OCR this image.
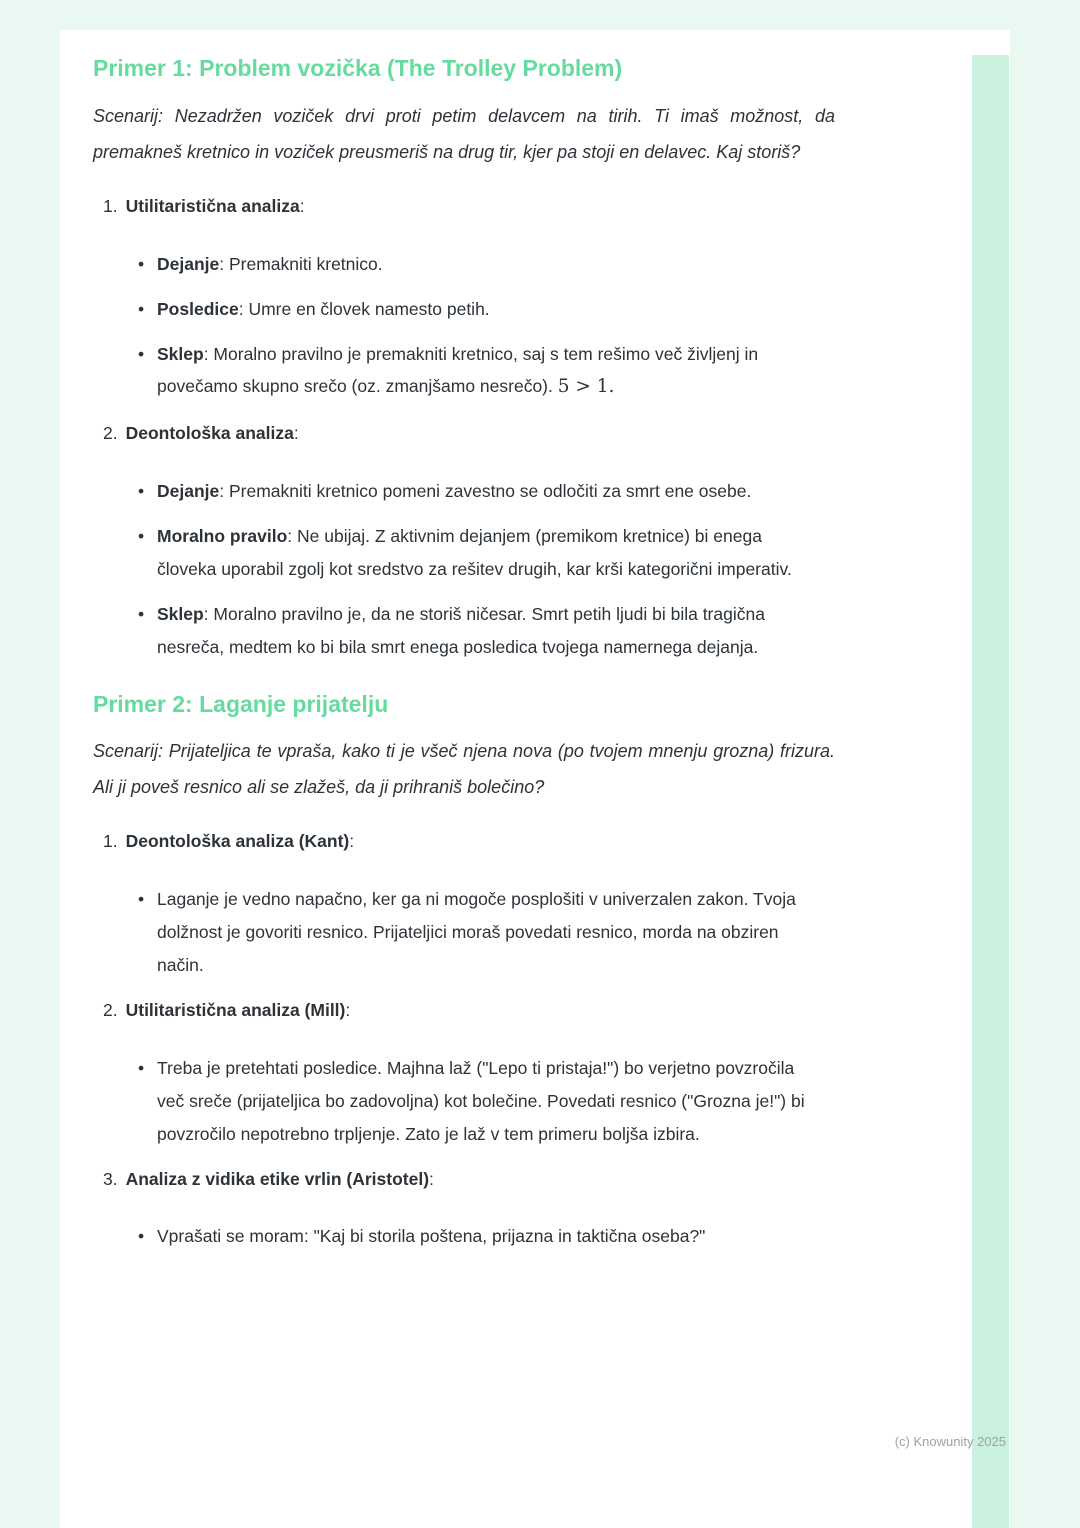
Primer 1: Problem vozička (The Trolley Problem)

Scenarij: Nezadržen voziček drvi proti petim delavcem na tirih. Ti imaš možnost, da premakneš kretnico in voziček preusmeriš na drug tir, kjer pa stoji en delavec. Kaj storiš?

1. Utilitaristična analiza:
• Dejanje: Premakniti kretnico.
• Posledice: Umre en človek namesto petih.
• Sklep: Moralno pravilno je premakniti kretnico, saj s tem rešimo več življenj in povečamo skupno srečo (oz. zmanjšamo nesrečo). 5 > 1.
2. Deontološka analiza:
• Dejanje: Premakniti kretnico pomeni zavestno se odločiti za smrt ene osebe.
• Moralno pravilo: Ne ubijaj. Z aktivnim dejanjem (premikom kretnice) bi enega človeka uporabil zgolj kot sredstvo za rešitev drugih, kar krši kategorični imperativ.
• Sklep: Moralno pravilno je, da ne storiš ničesar. Smrt petih ljudi bi bila tragična nesreča, medtem ko bi bila smrt enega posledica tvojega namernega dejanja.
Primer 2: Laganje prijatelju

Scenarij: Prijateljica te vpraša, kako ti je všeč njena nova (po tvojem mnenju grozna) frizura. Ali ji poveš resnico ali se zlažeš, da ji prihraniš bolečino?

1. Deontološka analiza (Kant):
• Laganje je vedno napačno, ker ga ni mogoče posplošiti v univerzalen zakon. Tvoja dolžnost je govoriti resnico. Prijateljici moraš povedati resnico, morda na obziren način.
2. Utilitaristična analiza (Mill):
• Treba je pretehtati posledice. Majhna laž ("Lepo ti pristaja!") bo verjetno povzročila več sreče (prijateljica bo zadovoljna) kot bolečine. Povedati resnico ("Grozna je!") bi povzročilo nepotrebno trpljenje. Zato je laž v tem primeru boljša izbira.
3. Analiza z vidika etike vrlin (Aristotel):
• Vprašati se moram: "Kaj bi storila poštena, prijazna in taktična oseba?"
(c) Knowunity 2025
